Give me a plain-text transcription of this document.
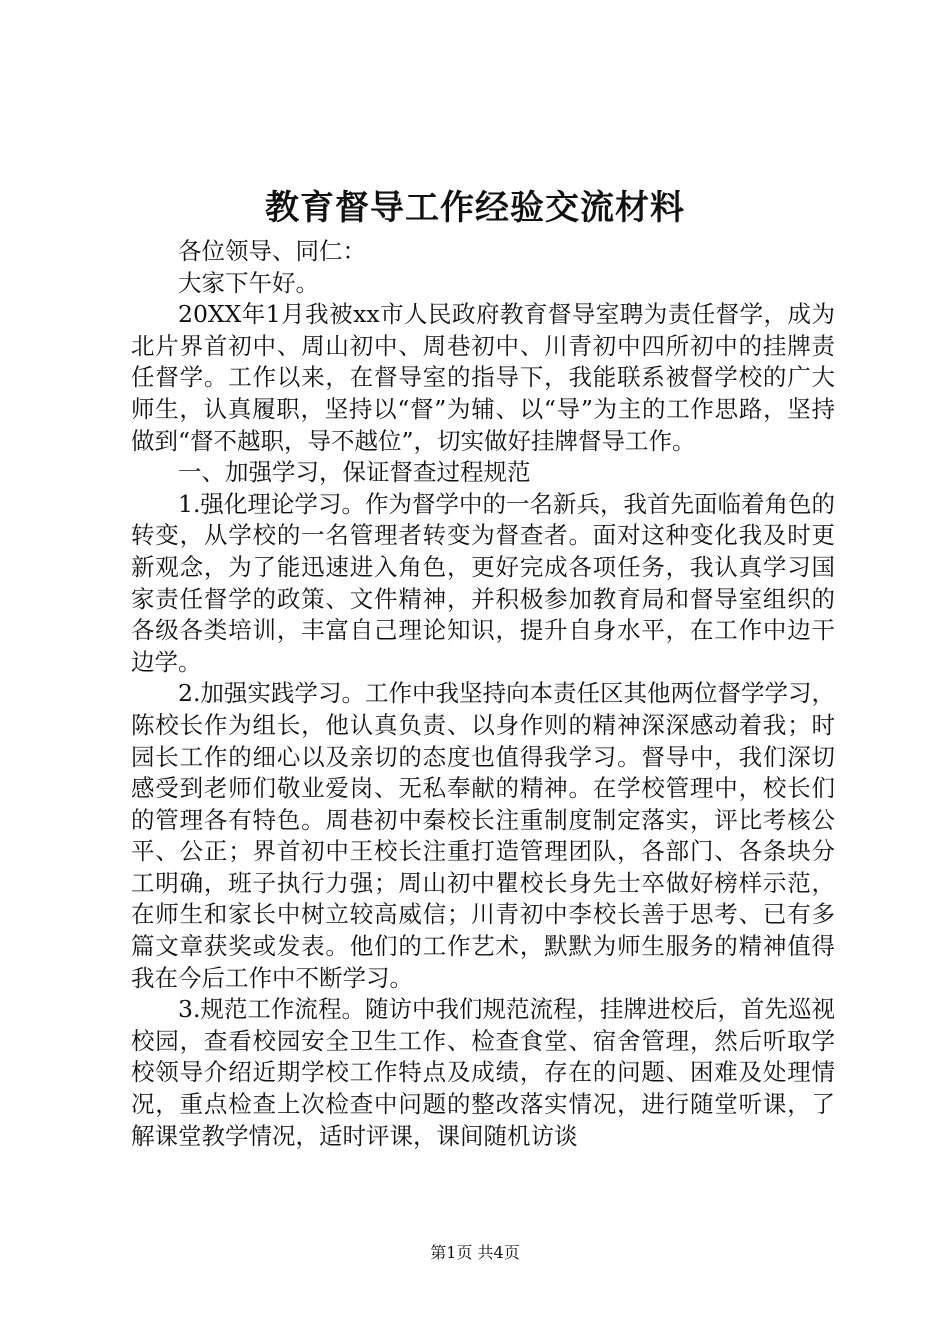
教育督导工作经验交流材料

各位领导、同仁：

大家下午好。

20XX年1月我被xx市人民政府教育督导室聘为责任督学，成为北片界首初中、周山初中、周巷初中、川青初中四所初中的挂牌责任督学。工作以来，在督导室的指导下，我能联系被督学校的广大师生，认真履职，坚持以“督”为辅、以“导”为主的工作思路，坚持做到“督不越职，导不越位”，切实做好挂牌督导工作。

一、加强学习，保证督查过程规范

1.强化理论学习。作为督学中的一名新兵，我首先面临着角色的转变，从学校的一名管理者转变为督查者。面对这种变化我及时更新观念，为了能迅速进入角色，更好完成各项任务，我认真学习国家责任督学的政策、文件精神，并积极参加教育局和督导室组织的各级各类培训，丰富自己理论知识，提升自身水平，在工作中边干边学。

2.加强实践学习。工作中我坚持向本责任区其他两位督学学习，陈校长作为组长，他认真负责、以身作则的精神深深感动着我；时园长工作的细心以及亲切的态度也值得我学习。督导中，我们深切感受到老师们敬业爱岗、无私奉献的精神。在学校管理中，校长们的管理各有特色。周巷初中秦校长注重制度制定落实，评比考核公平、公正；界首初中王校长注重打造管理团队，各部门、各条块分工明确，班子执行力强；周山初中瞿校长身先士卒做好榜样示范，在师生和家长中树立较高威信；川青初中李校长善于思考、已有多篇文章获奖或发表。他们的工作艺术，默默为师生服务的精神值得我在今后工作中不断学习。

3.规范工作流程。随访中我们规范流程，挂牌进校后，首先巡视校园，查看校园安全卫生工作、检查食堂、宿舍管理，然后听取学校领导介绍近期学校工作特点及成绩，存在的问题、困难及处理情况，重点检查上次检查中问题的整改落实情况，进行随堂听课，了解课堂教学情况，适时评课，课间随机访谈

第1页 共4页
